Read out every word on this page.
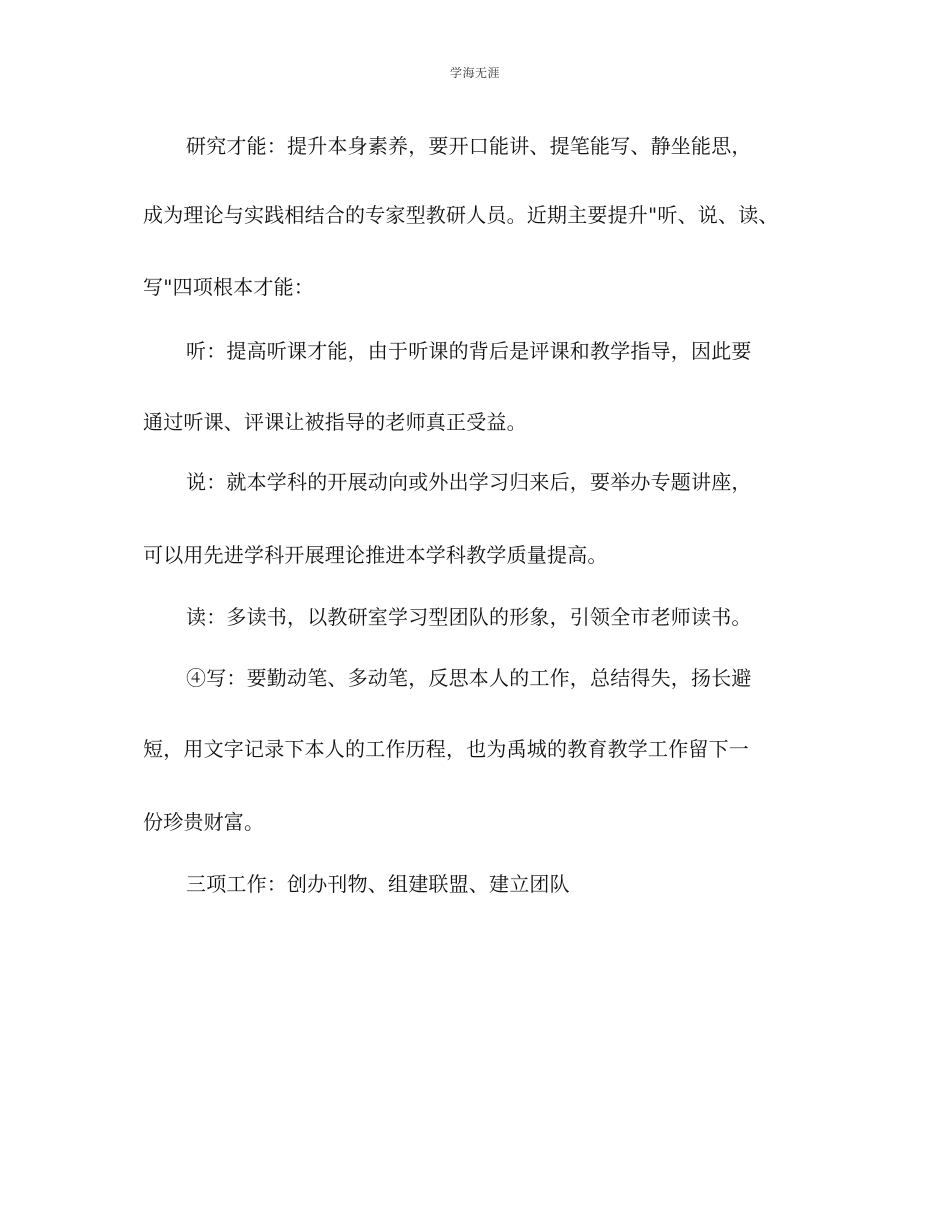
学海无涯
研究才能：提升本身素养，要开口能讲、提笔能写、静坐能思，
成为理论与实践相结合的专家型教研人员。近期主要提升"听、说、读、
写"四项根本才能：
听：提高听课才能，由于听课的背后是评课和教学指导，因此要
通过听课、评课让被指导的老师真正受益。
说：就本学科的开展动向或外出学习归来后，要举办专题讲座，
可以用先进学科开展理论推进本学科教学质量提高。
读：多读书，以教研室学习型团队的形象，引领全市老师读书。
④写：要勤动笔、多动笔，反思本人的工作，总结得失，扬长避
短，用文字记录下本人的工作历程，也为禹城的教育教学工作留下一
份珍贵财富。
三项工作：创办刊物、组建联盟、建立团队
